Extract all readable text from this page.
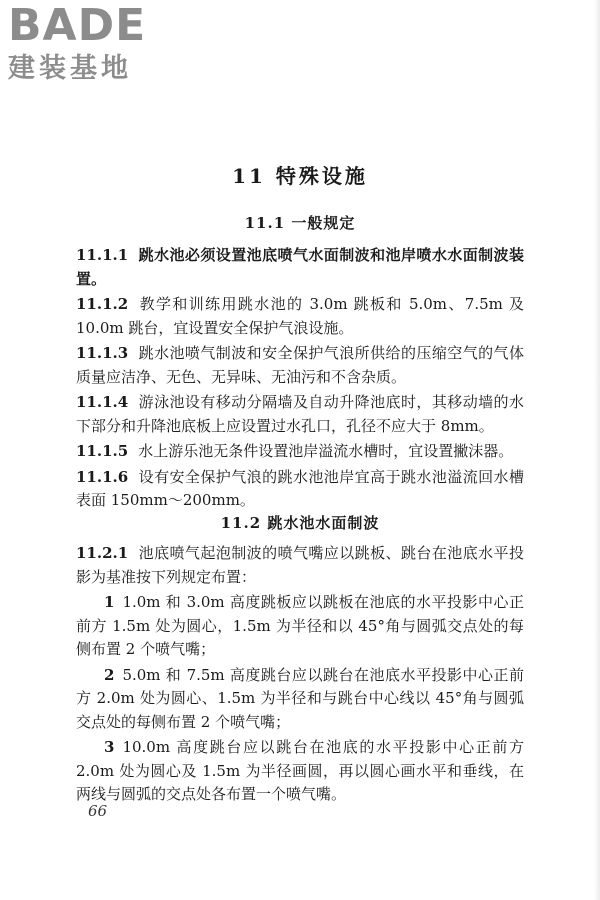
BADE
建装基地
11 特殊设施
11.1 一般规定

11.1.1 跳水池必须设置池底喷气水面制波和池岸喷水水面制波装置。

11.1.2 教学和训练用跳水池的 3.0m 跳板和 5.0m、7.5m 及 10.0m 跳台，宜设置安全保护气浪设施。

11.1.3 跳水池喷气制波和安全保护气浪所供给的压缩空气的气体质量应洁净、无色、无异味、无油污和不含杂质。

11.1.4 游泳池设有移动分隔墙及自动升降池底时，其移动墙的水下部分和升降池底板上应设置过水孔口，孔径不应大于 8mm。

11.1.5 水上游乐池无条件设置池岸溢流水槽时，宜设置撇沫器。

11.1.6 设有安全保护气浪的跳水池池岸宜高于跳水池溢流回水槽表面 150mm～200mm。

11.2 跳水池水面制波

11.2.1 池底喷气起泡制波的喷气嘴应以跳板、跳台在池底水平投影为基准按下列规定布置：

1 1.0m 和 3.0m 高度跳板应以跳板在池底的水平投影中心正前方 1.5m 处为圆心，1.5m 为半径和以 45°角与圆弧交点处的每侧布置 2 个喷气嘴；

2 5.0m 和 7.5m 高度跳台应以跳台在池底水平投影中心正前方 2.0m 处为圆心、1.5m 为半径和与跳台中心线以 45°角与圆弧交点处的每侧布置 2 个喷气嘴；

3 10.0m 高度跳台应以跳台在池底的水平投影中心正前方 2.0m 处为圆心及 1.5m 为半径画圆，再以圆心画水平和垂线，在两线与圆弧的交点处各布置一个喷气嘴。

66
